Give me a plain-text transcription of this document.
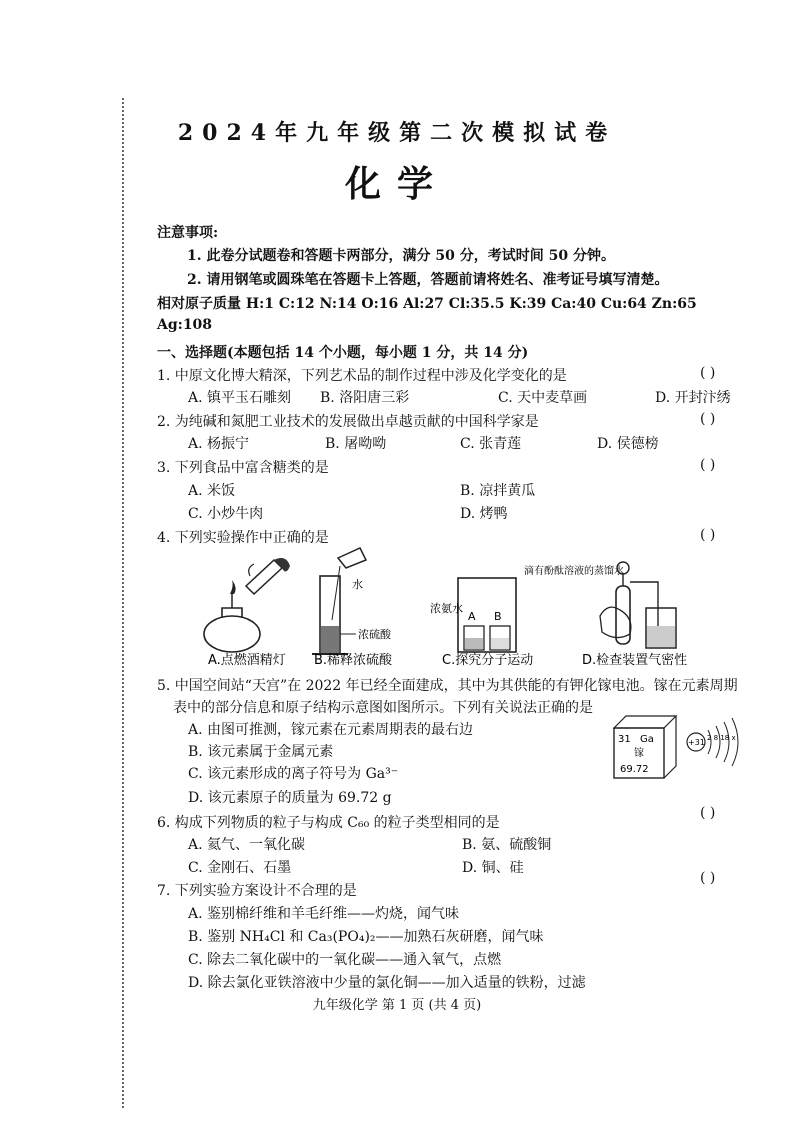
2024年九年级第二次模拟试卷
化学
注意事项:
1. 此卷分试题卷和答题卡两部分，满分 50 分，考试时间 50 分钟。
2. 请用钢笔或圆珠笔在答题卡上答题，答题前请将姓名、准考证号填写清楚。
相对原子质量 H:1 C:12 N:14 O:16 Al:27 Cl:35.5 K:39 Ca:40 Cu:64 Zn:65
Ag:108
一、选择题(本题包括 14 个小题，每小题 1 分，共 14 分)
1. 中原文化博大精深，下列艺术品的制作过程中涉及化学变化的是	( )
A. 镇平玉石雕刻 B. 洛阳唐三彩	C. 天中麦草画	D. 开封汴绣
2. 为纯碱和氮肥工业技术的发展做出卓越贡献的中国科学家是	( )
A. 杨振宁	B. 屠呦呦	C. 张青莲	D. 侯德榜
3. 下列食品中富含糖类的是	( )
A. 米饭	B. 凉拌黄瓜
C. 小炒牛肉	D. 烤鸭
4. 下列实验操作中正确的是	( )
A.点燃酒精灯
水
浓硫酸
B.稀释浓硫酸
A B
浓氨水
滴有酚酞溶液的蒸馏水
C.探究分子运动	D.检查装置气密性
5. 中国空间站“天宫”在 2022 年已经全面建成，其中为其供能的有钾化镓电池。镓在元素周期
表中的部分信息和原子结构示意图如图所示。下列有关说法正确的是
A. 由图可推测，镓元素在元素周期表的最右边
B. 该元素属于金属元素
C. 该元素形成的离子符号为 Ga³⁻
D. 该元素原子的质量为 69.72 g
31 Ga
镓
69.72
+31 2 8 18 x
6. 构成下列物质的粒子与构成 C₆₀ 的粒子类型相同的是
( )
A. 氦气、一氧化碳	B. 氨、硫酸铜
C. 金刚石、石墨	D. 铜、硅
7. 下列实验方案设计不合理的是
( )
A. 鉴别棉纤维和羊毛纤维——灼烧，闻气味
B. 鉴别 NH₄Cl 和 Ca₃(PO₄)₂——加熟石灰研磨，闻气味
C. 除去二氧化碳中的一氧化碳——通入氧气，点燃
D. 除去氯化亚铁溶液中少量的氯化铜——加入适量的铁粉，过滤
九年级化学 第 1 页 (共 4 页)
